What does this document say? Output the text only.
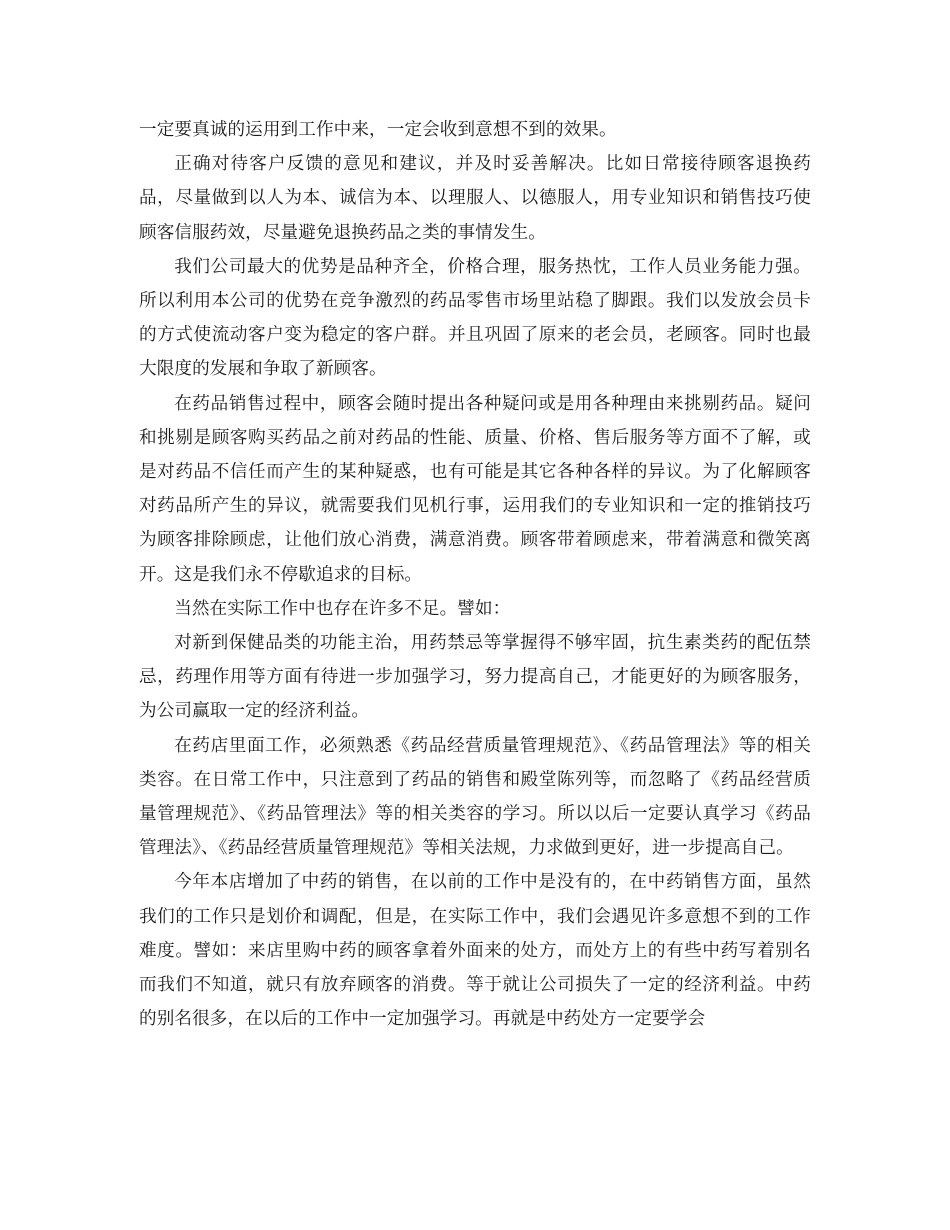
一定要真诚的运用到工作中来，一定会收到意想不到的效果。

正确对待客户反馈的意见和建议，并及时妥善解决。比如日常接待顾客退换药品，尽量做到以人为本、诚信为本、以理服人、以德服人，用专业知识和销售技巧使顾客信服药效，尽量避免退换药品之类的事情发生。

我们公司最大的优势是品种齐全，价格合理，服务热忱，工作人员业务能力强。所以利用本公司的优势在竞争激烈的药品零售市场里站稳了脚跟。我们以发放会员卡的方式使流动客户变为稳定的客户群。并且巩固了原来的老会员，老顾客。同时也最大限度的发展和争取了新顾客。

在药品销售过程中，顾客会随时提出各种疑问或是用各种理由来挑剔药品。疑问和挑剔是顾客购买药品之前对药品的性能、质量、价格、售后服务等方面不了解，或是对药品不信任而产生的某种疑惑，也有可能是其它各种各样的异议。为了化解顾客对药品所产生的异议，就需要我们见机行事，运用我们的专业知识和一定的推销技巧为顾客排除顾虑，让他们放心消费，满意消费。顾客带着顾虑来，带着满意和微笑离开。这是我们永不停歇追求的目标。

当然在实际工作中也存在许多不足。譬如：

对新到保健品类的功能主治，用药禁忌等掌握得不够牢固，抗生素类药的配伍禁忌，药理作用等方面有待进一步加强学习，努力提高自己，才能更好的为顾客服务，为公司赢取一定的经济利益。

在药店里面工作，必须熟悉《药品经营质量管理规范》、《药品管理法》等的相关类容。在日常工作中，只注意到了药品的销售和殿堂陈列等，而忽略了《药品经营质量管理规范》、《药品管理法》等的相关类容的学习。所以以后一定要认真学习《药品管理法》、《药品经营质量管理规范》等相关法规，力求做到更好，进一步提高自己。

今年本店增加了中药的销售，在以前的工作中是没有的，在中药销售方面，虽然我们的工作只是划价和调配，但是，在实际工作中，我们会遇见许多意想不到的工作难度。譬如：来店里购中药的顾客拿着外面来的处方，而处方上的有些中药写着别名而我们不知道，就只有放弃顾客的消费。等于就让公司损失了一定的经济利益。中药的别名很多，在以后的工作中一定加强学习。再就是中药处方一定要学会
